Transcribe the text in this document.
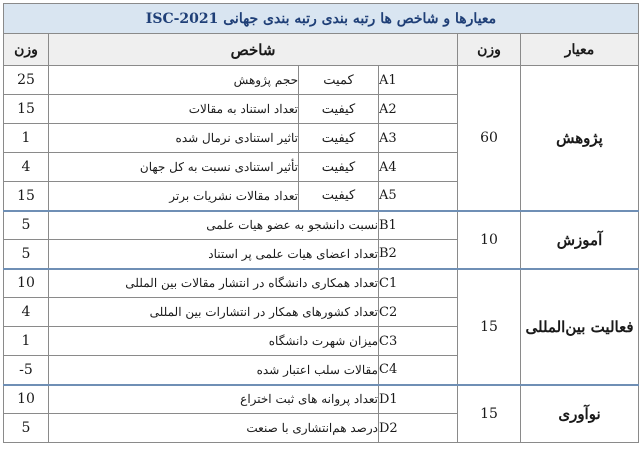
معیارها و شاخص ها رتبه بندی رتبه بندی جهانی ISC-2021					
وزن	شاخص			وزن	معیار
25	حجم پژوهش	کمیت	A1	60	پژوهش
15	تعداد استناد به مقالات	کیفیت	A2		
1	تاثیر استنادی نرمال شده	کیفیت	A3		
4	تأثیر استنادی نسبت به کل جهان	کیفیت	A4		
15	تعداد مقالات نشریات برتر	کیفیت	A5		
5	نسبت دانشجو به عضو هیات علمی		B1	10	آموزش
5	تعداد اعضای هیات علمی پر استناد		B2		
10	تعداد همکاری دانشگاه در انتشار مقالات بین المللی		C1	15	فعالیت بین‌المللی
4	تعداد کشورهای همکار در انتشارات بین المللی		C2		
1	میزان شهرت دانشگاه		C3		
-5	مقالات سلب اعتبار شده		C4		
10	تعداد پروانه های ثبت اختراع		D1	15	نوآوری
5	درصد هم‌انتشاری با صنعت		D2		
